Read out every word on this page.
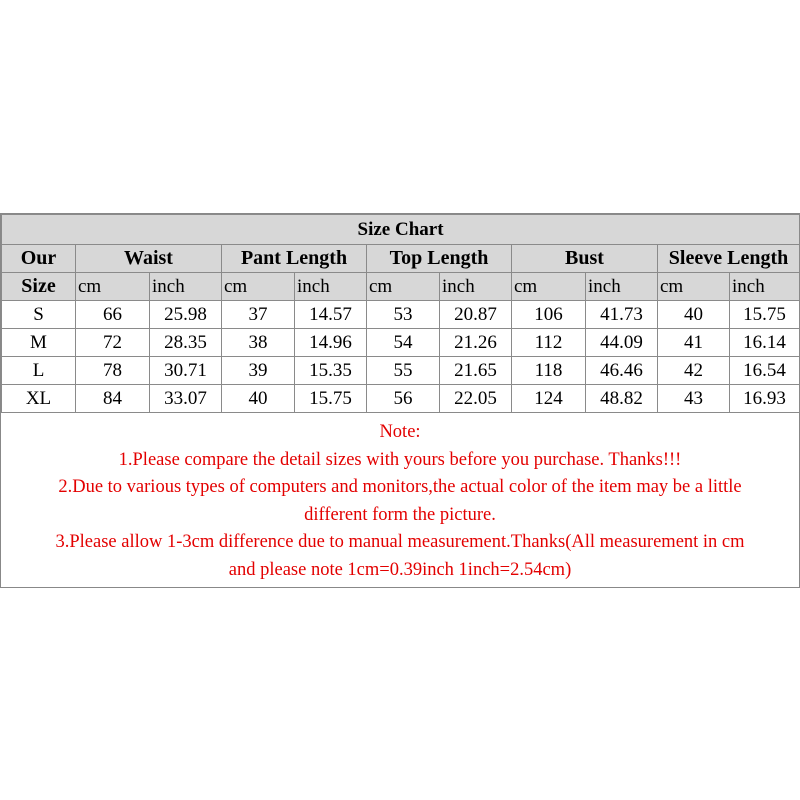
Size Chart										
Our	Waist		Pant Length		Top Length		Bust		Sleeve Length	
Size	cm	inch	cm	inch	cm	inch	cm	inch	cm	inch
S	66	25.98	37	14.57	53	20.87	106	41.73	40	15.75
M	72	28.35	38	14.96	54	21.26	112	44.09	41	16.14
L	78	30.71	39	15.35	55	21.65	118	46.46	42	16.54
XL	84	33.07	40	15.75	56	22.05	124	48.82	43	16.93
Note:
1.Please compare the detail sizes with yours before you purchase. Thanks!!!
2.Due to various types of computers and monitors,the actual color of the item may be a little
different form the picture.
3.Please allow 1-3cm difference due to manual measurement.Thanks(All measurement in cm
and please note 1cm=0.39inch 1inch=2.54cm)
